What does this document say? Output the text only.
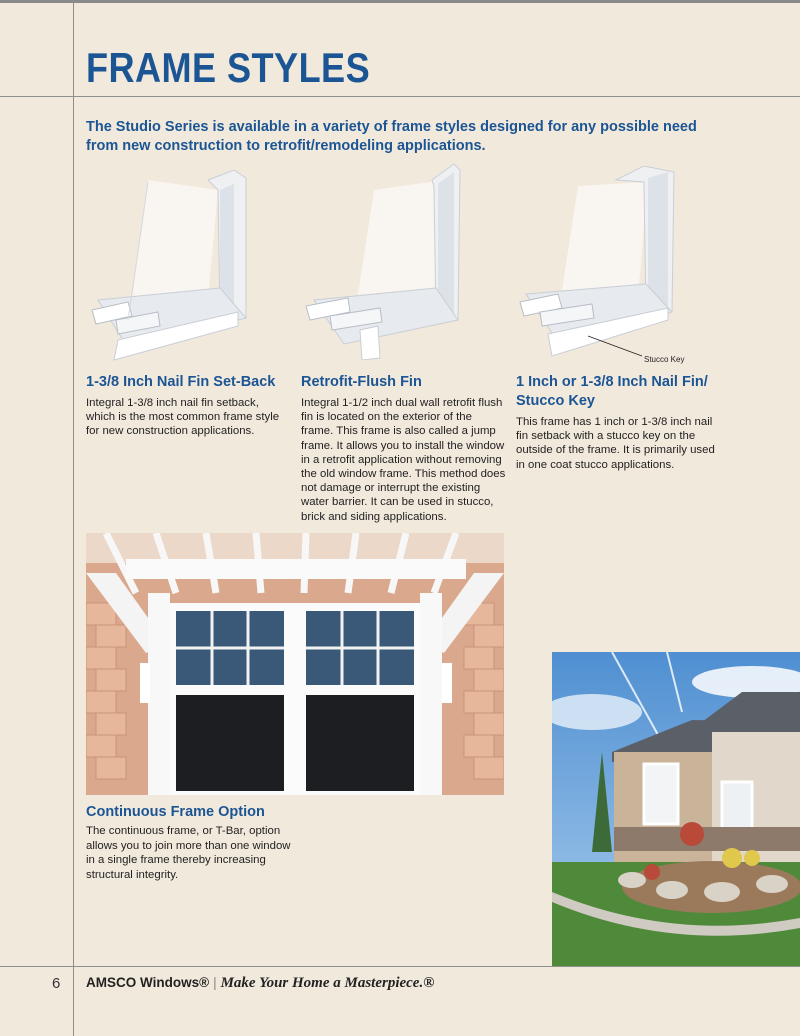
FRAME STYLES

The Studio Series is available in a variety of frame styles designed for any possible need from new construction to retrofit/remodeling applications.

Stucco Key
1-3/8 Inch Nail Fin Set-Back

Integral 1-3/8 inch nail fin setback, which is the most common frame style for new construction applications.

Retrofit-Flush Fin

Integral 1-1/2 inch dual wall retrofit flush fin is located on the exterior of the frame. This frame is also called a jump frame. It allows you to install the window in a retrofit application without removing the old window frame. This method does not damage or interrupt the existing water barrier. It can be used in stucco, brick and siding applications.

1 Inch or 1-3/8 Inch Nail Fin/ Stucco Key

This frame has 1 inch or 1-3/8 inch nail fin setback with a stucco key on the outside of the frame. It is primarily used in one coat stucco applications.

Continuous Frame Option

The continuous frame, or T-Bar, option allows you to join more than one window in a single frame thereby increasing structural integrity.

6 AMSCO Windows® | Make Your Home a Masterpiece.®
